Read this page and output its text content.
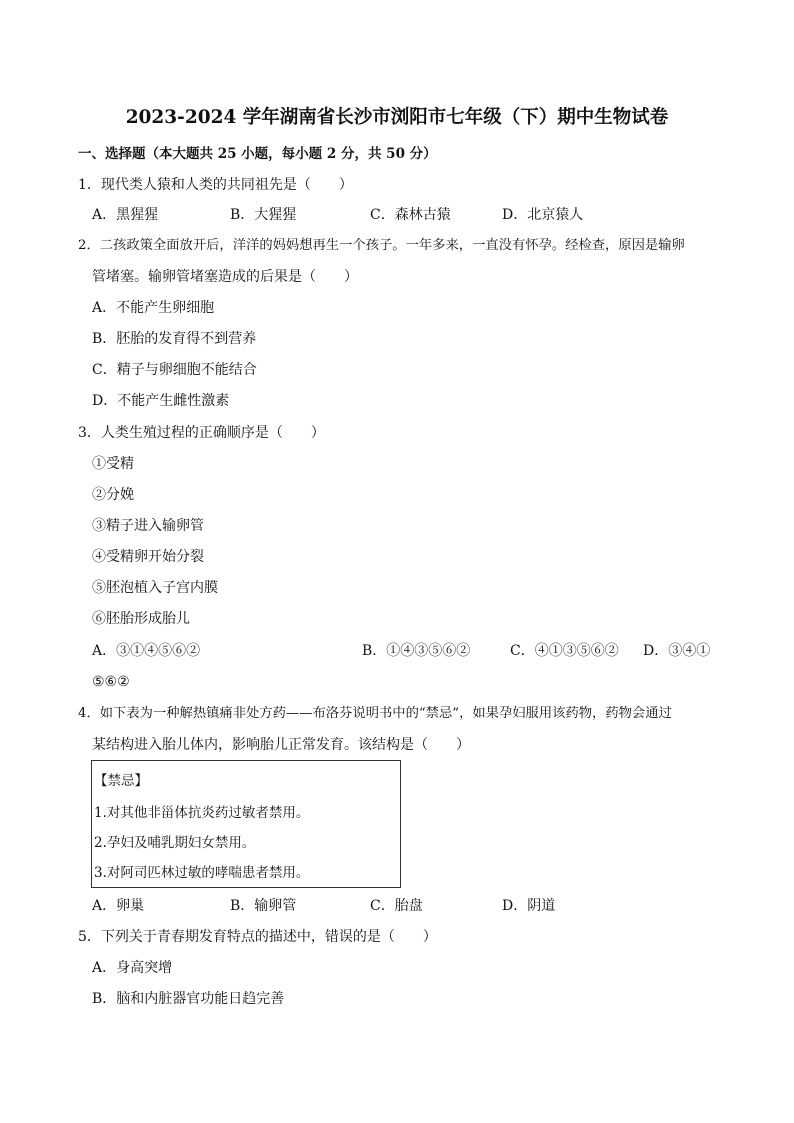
2023-2024 学年湖南省长沙市浏阳市七年级（下）期中生物试卷
一、选择题（本大题共 25 小题，每小题 2 分，共 50 分）
1．现代类人猿和人类的共同祖先是（　　）
A．黑猩猩	B．大猩猩	C．森林古猿	D．北京猿人
2．二孩政策全面放开后，洋洋的妈妈想再生一个孩子。一年多来，一直没有怀孕。经检查，原因是输卵
管堵塞。输卵管堵塞造成的后果是（　　）
A．不能产生卵细胞
B．胚胎的发育得不到营养
C．精子与卵细胞不能结合
D．不能产生雌性激素
3．人类生殖过程的正确顺序是（　　）
①受精
②分娩
③精子进入输卵管
④受精卵开始分裂
⑤胚泡植入子宫内膜
⑥胚胎形成胎儿
A．③①④⑤⑥②	B．①④③⑤⑥②	C．④①③⑤⑥② D．③④①
⑤⑥②
4．如下表为一种解热镇痛非处方药——布洛芬说明书中的“禁忌”，如果孕妇服用该药物，药物会通过
某结构进入胎儿体内，影响胎儿正常发育。该结构是（　　）
【禁忌】
1.对其他非甾体抗炎药过敏者禁用。
2.孕妇及哺乳期妇女禁用。
3.对阿司匹林过敏的哮喘患者禁用。
A．卵巢	B．输卵管	C．胎盘	D．阴道
5．下列关于青春期发育特点的描述中，错误的是（　　）
A．身高突增
B．脑和内脏器官功能日趋完善
